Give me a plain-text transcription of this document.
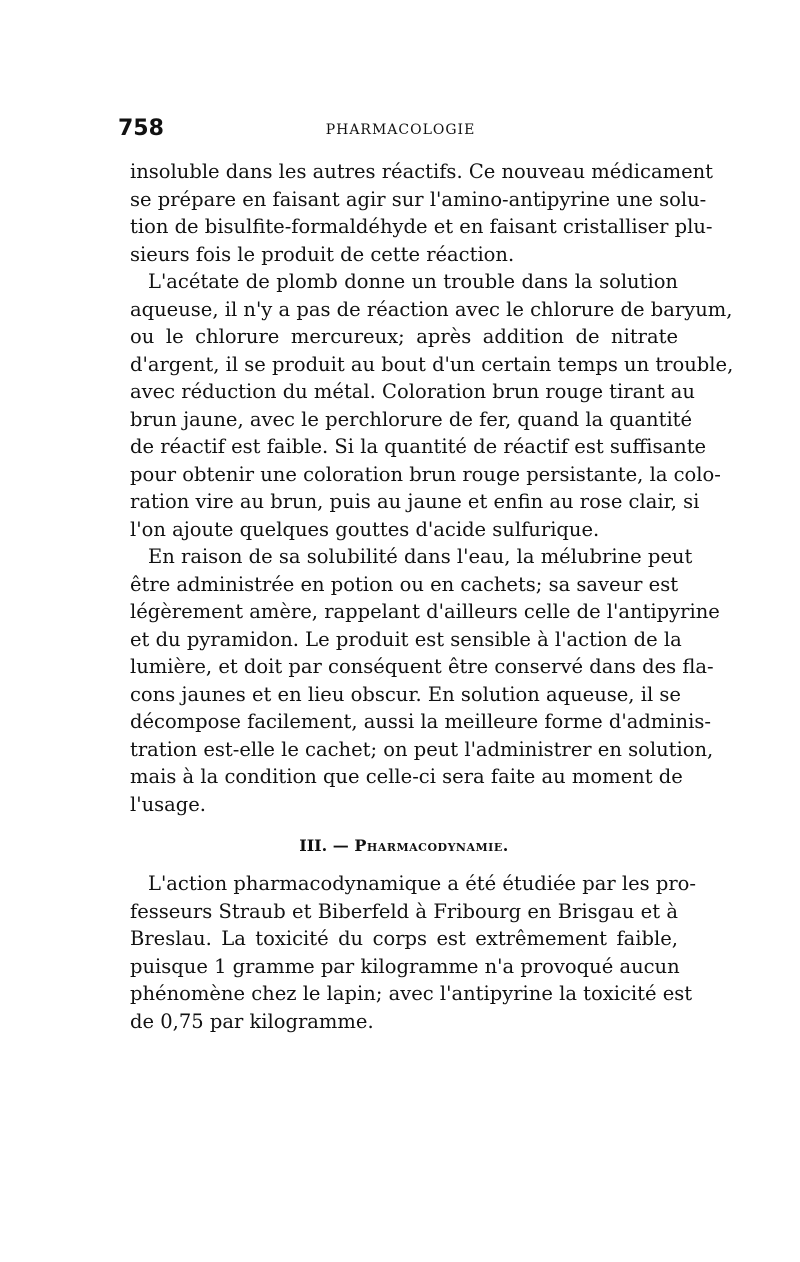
758	PHARMACOLOGIE
insoluble dans les autres réactifs. Ce nouveau médicament
se prépare en faisant agir sur l'amino-antipyrine une solu-
tion de bisulfite-formaldéhyde et en faisant cristalliser plu-
sieurs fois le produit de cette réaction.
L'acétate de plomb donne un trouble dans la solution
aqueuse, il n'y a pas de réaction avec le chlorure de baryum,
ou le chlorure mercureux; après addition de nitrate
d'argent, il se produit au bout d'un certain temps un trouble,
avec réduction du métal. Coloration brun rouge tirant au
brun jaune, avec le perchlorure de fer, quand la quantité
de réactif est faible. Si la quantité de réactif est suffisante
pour obtenir une coloration brun rouge persistante, la colo-
ration vire au brun, puis au jaune et enfin au rose clair, si
l'on ajoute quelques gouttes d'acide sulfurique.
En raison de sa solubilité dans l'eau, la mélubrine peut
être administrée en potion ou en cachets; sa saveur est
légèrement amère, rappelant d'ailleurs celle de l'antipyrine
et du pyramidon. Le produit est sensible à l'action de la
lumière, et doit par conséquent être conservé dans des fla-
cons jaunes et en lieu obscur. En solution aqueuse, il se
décompose facilement, aussi la meilleure forme d'adminis-
tration est-elle le cachet; on peut l'administrer en solution,
mais à la condition que celle-ci sera faite au moment de
l'usage.
III. — Pharmacodynamie.
L'action pharmacodynamique a été étudiée par les pro-
fesseurs Straub et Biberfeld à Fribourg en Brisgau et à
Breslau. La toxicité du corps est extrêmement faible,
puisque 1 gramme par kilogramme n'a provoqué aucun
phénomène chez le lapin; avec l'antipyrine la toxicité est
de 0,75 par kilogramme.
